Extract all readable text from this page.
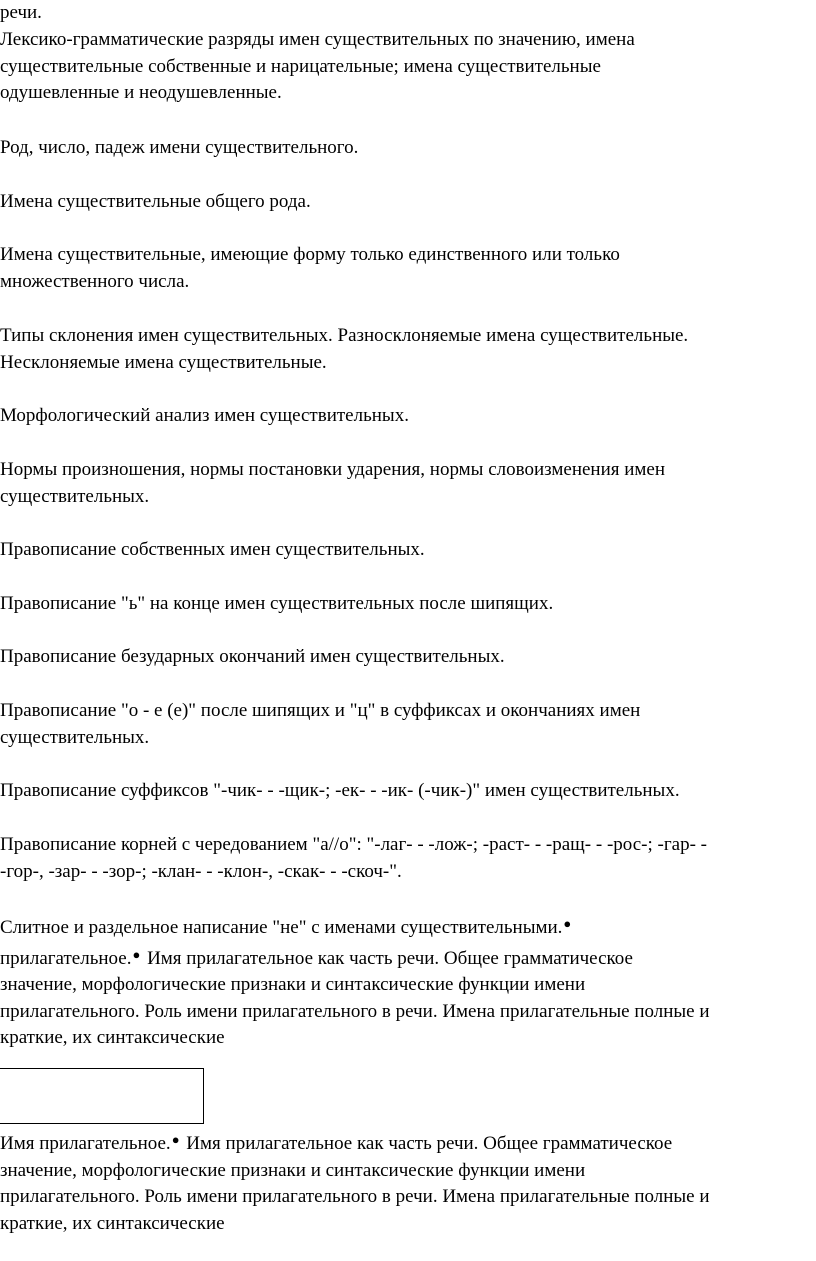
речи.

Лексико-грамматические разряды имен существительных по значению, имена
существительные собственные и нарицательные; имена существительные
одушевленные и неодушевленные.

Род, число, падеж имени существительного.

Имена существительные общего рода.

Имена существительные, имеющие форму только единственного или только
множественного числа.

Типы склонения имен существительных. Разносклоняемые имена существительные.
Несклоняемые имена существительные.

Морфологический анализ имен существительных.

Нормы произношения, нормы постановки ударения, нормы словоизменения имен
существительных.

Правописание собственных имен существительных.

Правописание "ь" на конце имен существительных после шипящих.

Правописание безударных окончаний имен существительных.

Правописание "о - е (е)" после шипящих и "ц" в суффиксах и окончаниях имен
существительных.

Правописание суффиксов "-чик- - -щик-; -ек- - -ик- (-чик-)" имен существительных.

Правописание корней с чередованием "а//о": "-лаг- - -лож-; -раст- - -ращ- - -рос-; -гар- -
-гор-, -зар- - -зор-; -клан- - -клон-, -скак- - -скоч-".

Слитное и раздельное написание "не" с именами существительными.●
прилагательное.● Имя прилагательное как часть речи. Общее грамматическое
значение, морфологические признаки и синтаксические функции имени
прилагательного. Роль имени прилагательного в речи. Имена прилагательные полные и
краткие, их синтаксические

Имя прилагательное.● Имя прилагательное как часть речи. Общее грамматическое
значение, морфологические признаки и синтаксические функции имени
прилагательного. Роль имени прилагательного в речи. Имена прилагательные полные и
краткие, их синтаксические
